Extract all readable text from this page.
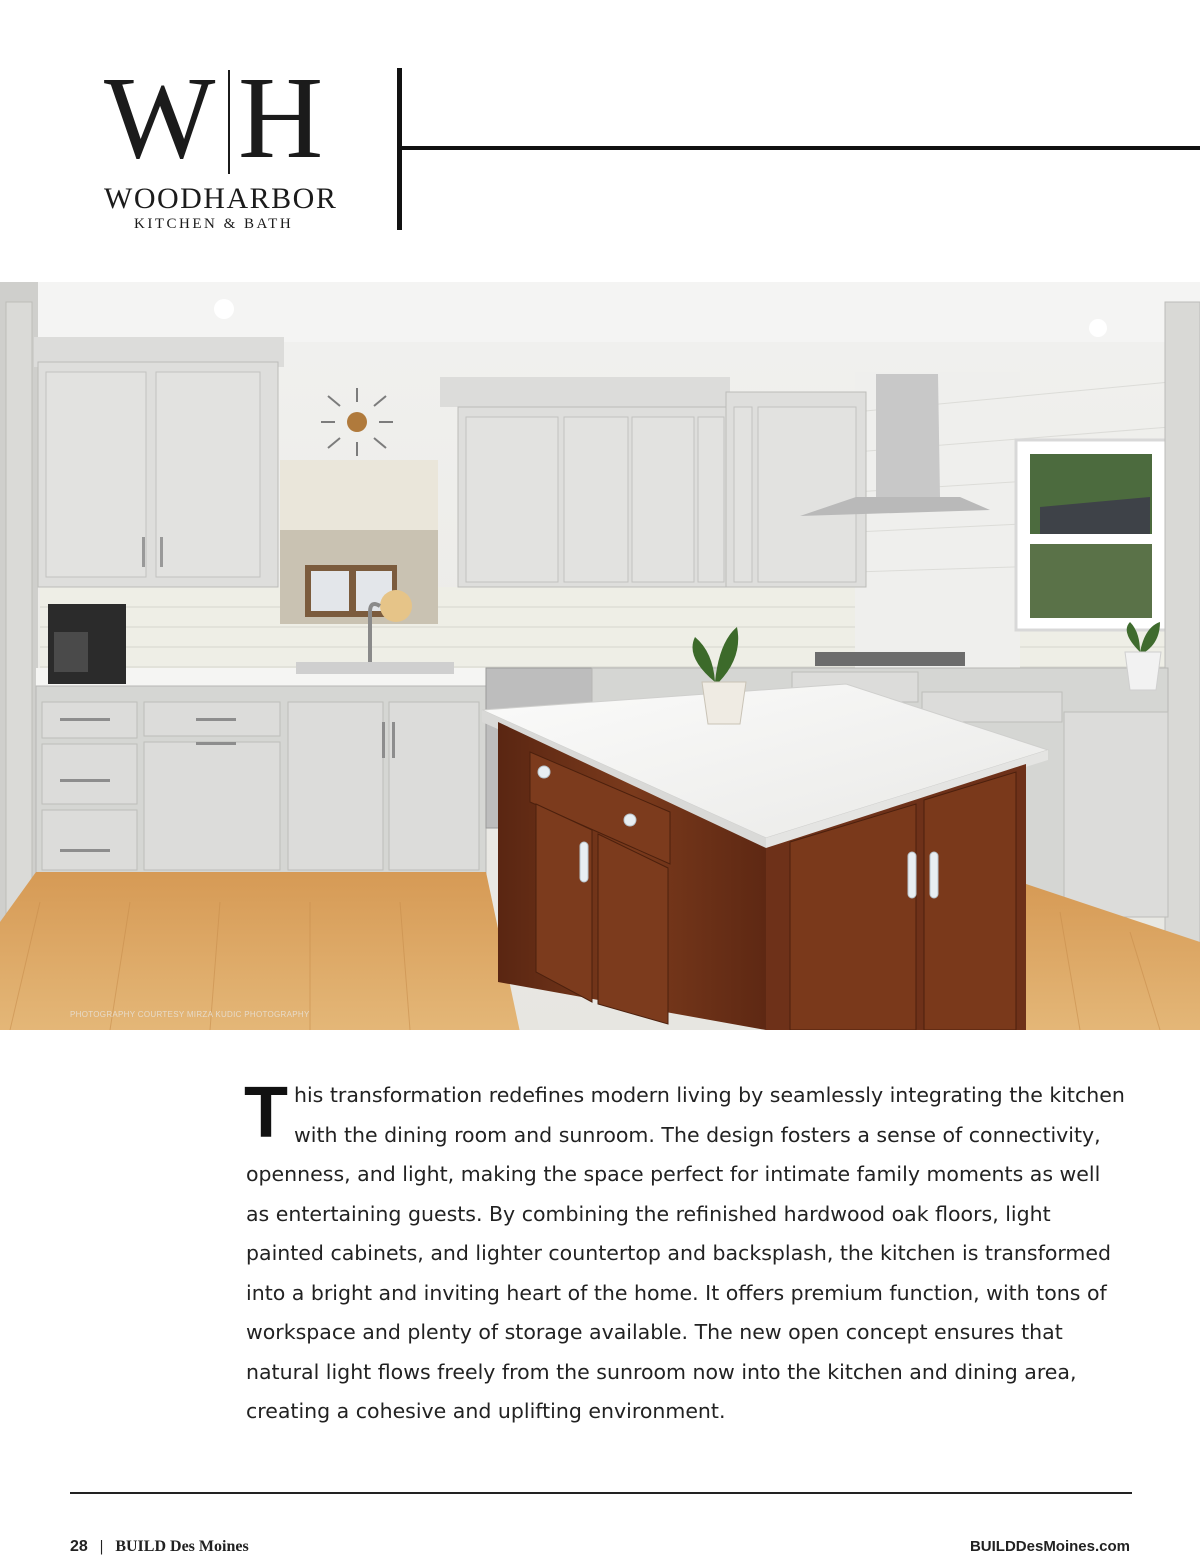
W H
WOODHARBOR
KITCHEN & BATH
PHOTOGRAPHY COURTESY MIRZA KUDIC PHOTOGRAPHY
T his transformation redefines modern living by seamlessly integrating the kitchen with the dining room and sunroom. The design fosters a sense of connectivity, openness, and light, making the space perfect for intimate family moments as well as entertaining guests. By combining the refinished hardwood oak floors, light painted cabinets, and lighter countertop and backsplash, the kitchen is transformed into a bright and inviting heart of the home. It offers premium function, with tons of workspace and plenty of storage available. The new open concept ensures that natural light flows freely from the sunroom now into the kitchen and dining area, creating a cohesive and uplifting environment.
28 | BUILD Des Moines	BUILDDesMoines.com
